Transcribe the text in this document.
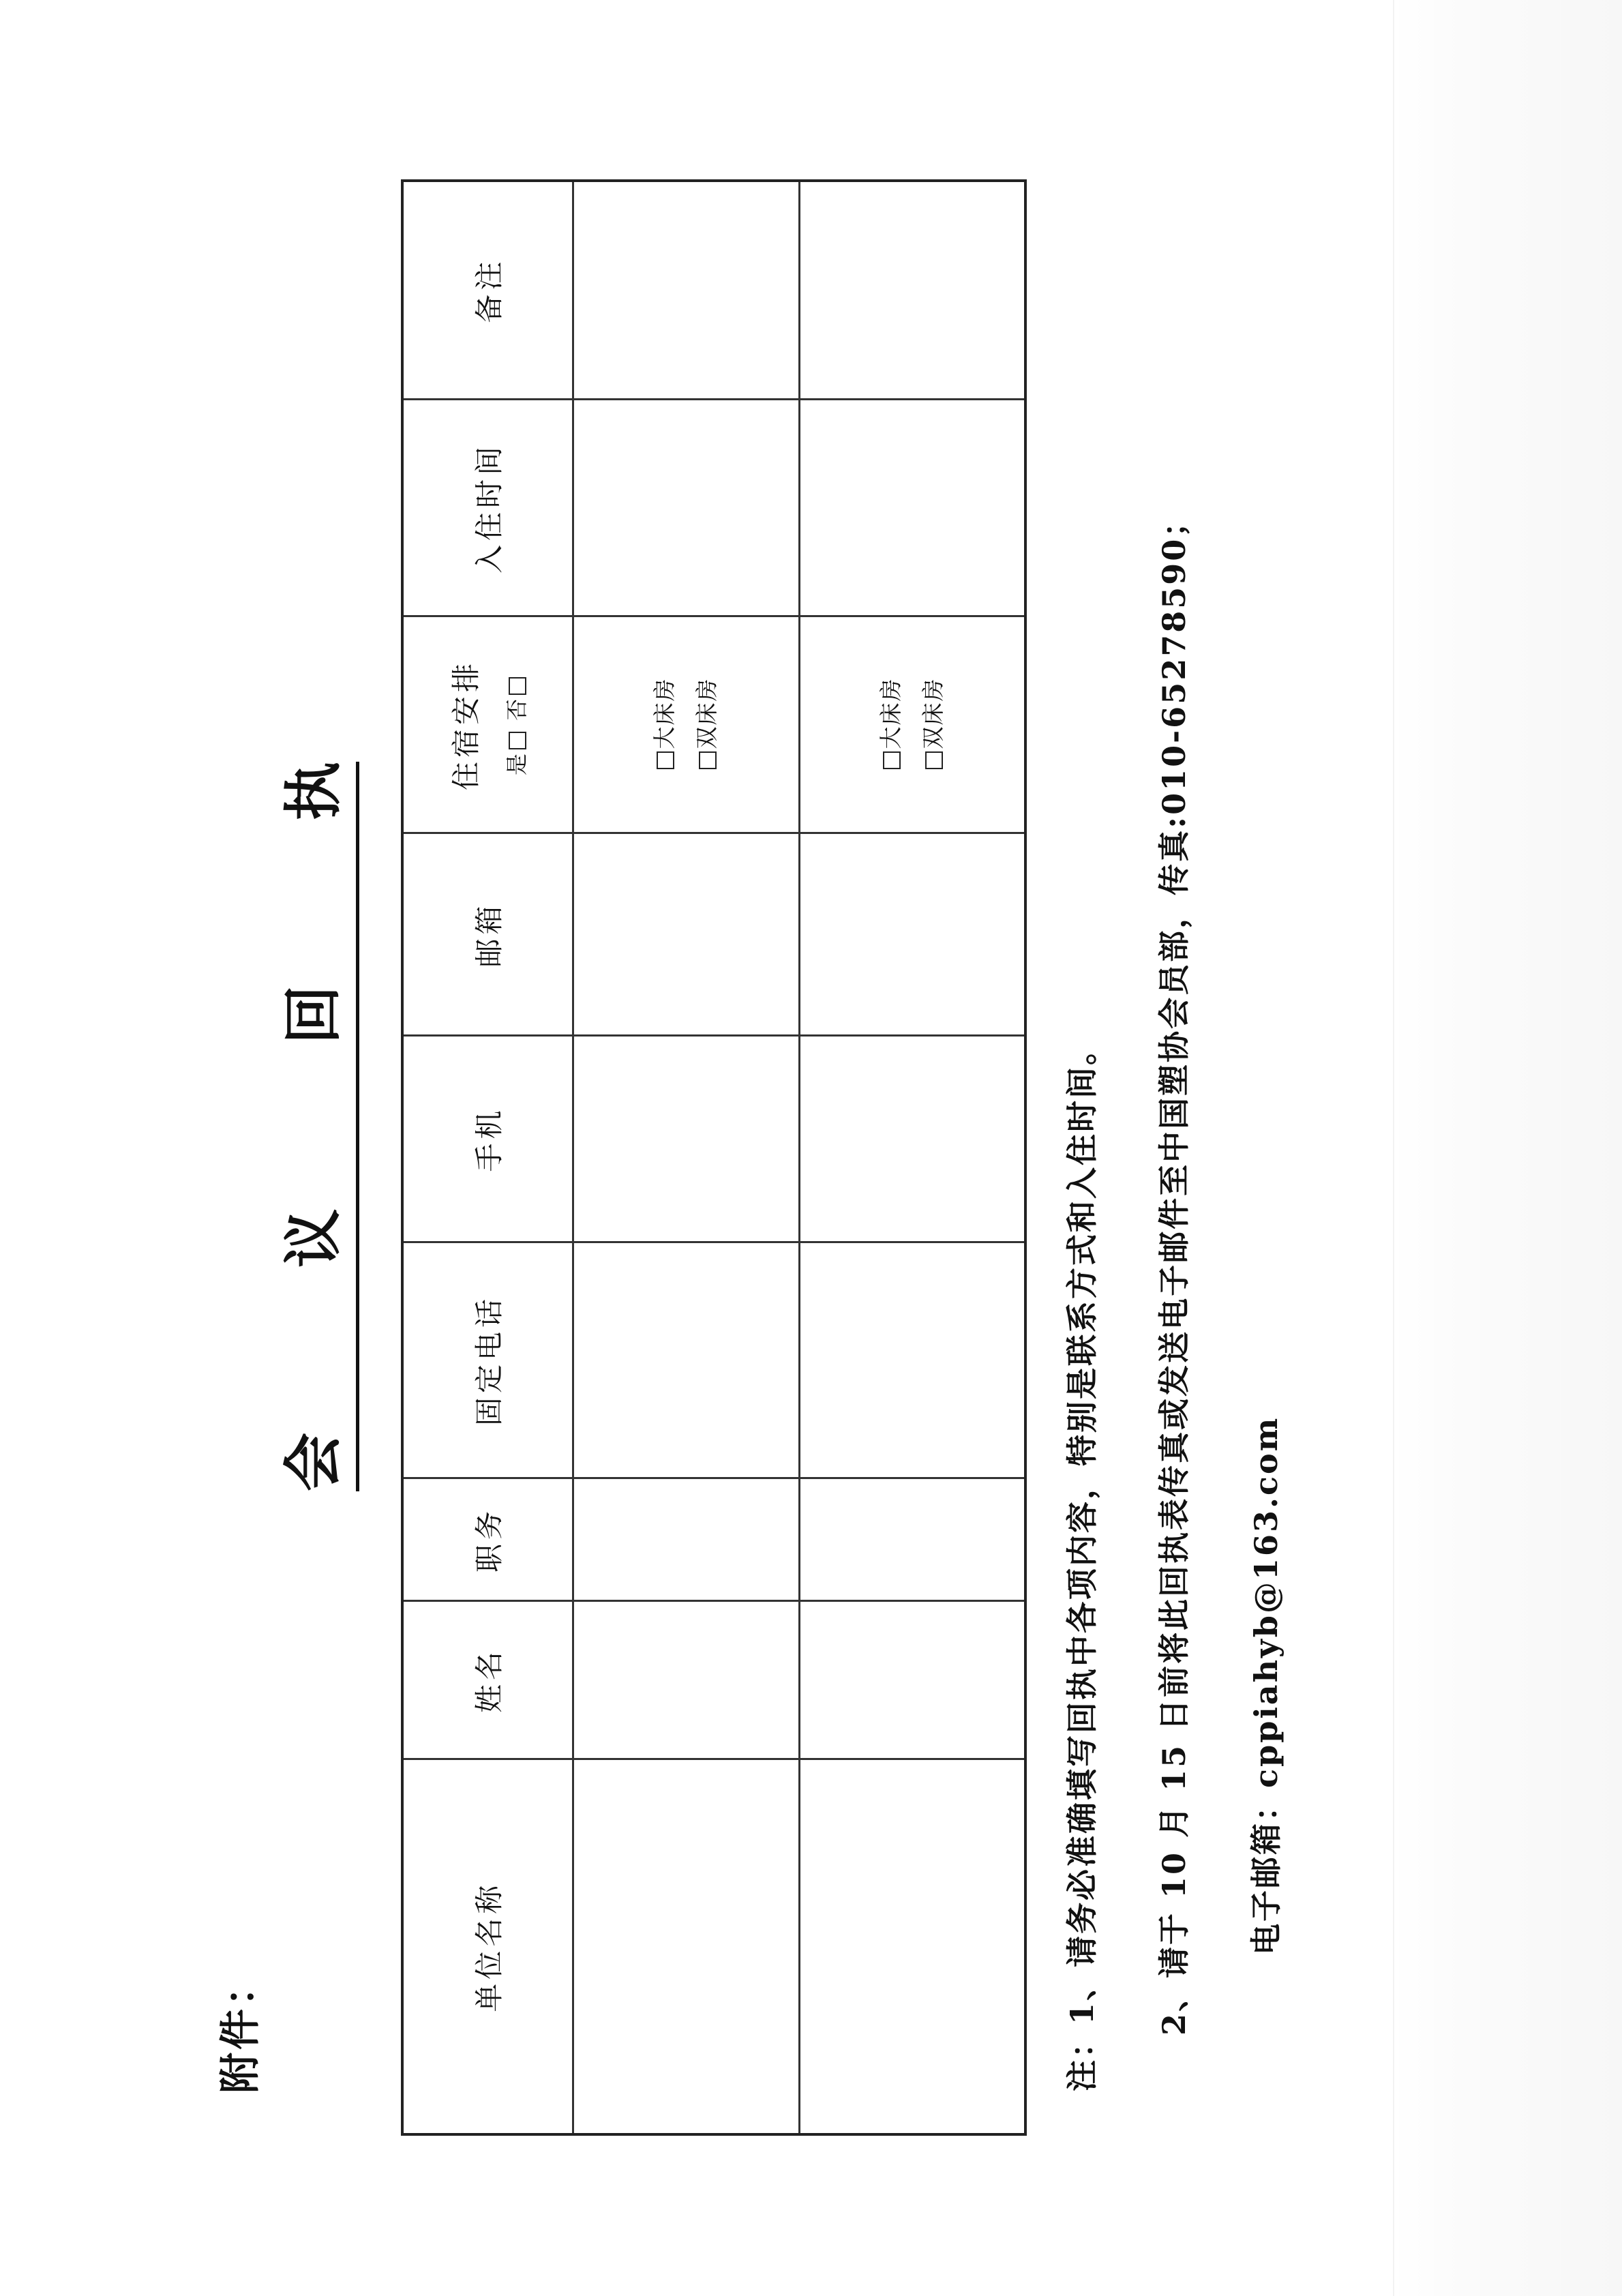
附件：
会
议
回
执
单位名称	姓名	职务	固定电话	手机	邮箱	住宿安排 是 否	入住时间	备注

						大床房 双床房		

						大床房 双床房		

注：1、请务必准确填写回执中各项内容，特别是联系方式和入住时间。	2、请于 10 月 15 日前将此回执表传真或发送电子邮件至中国塑协会员部，传真:010-65278590；	电子邮箱：cppiahyb@163.com
